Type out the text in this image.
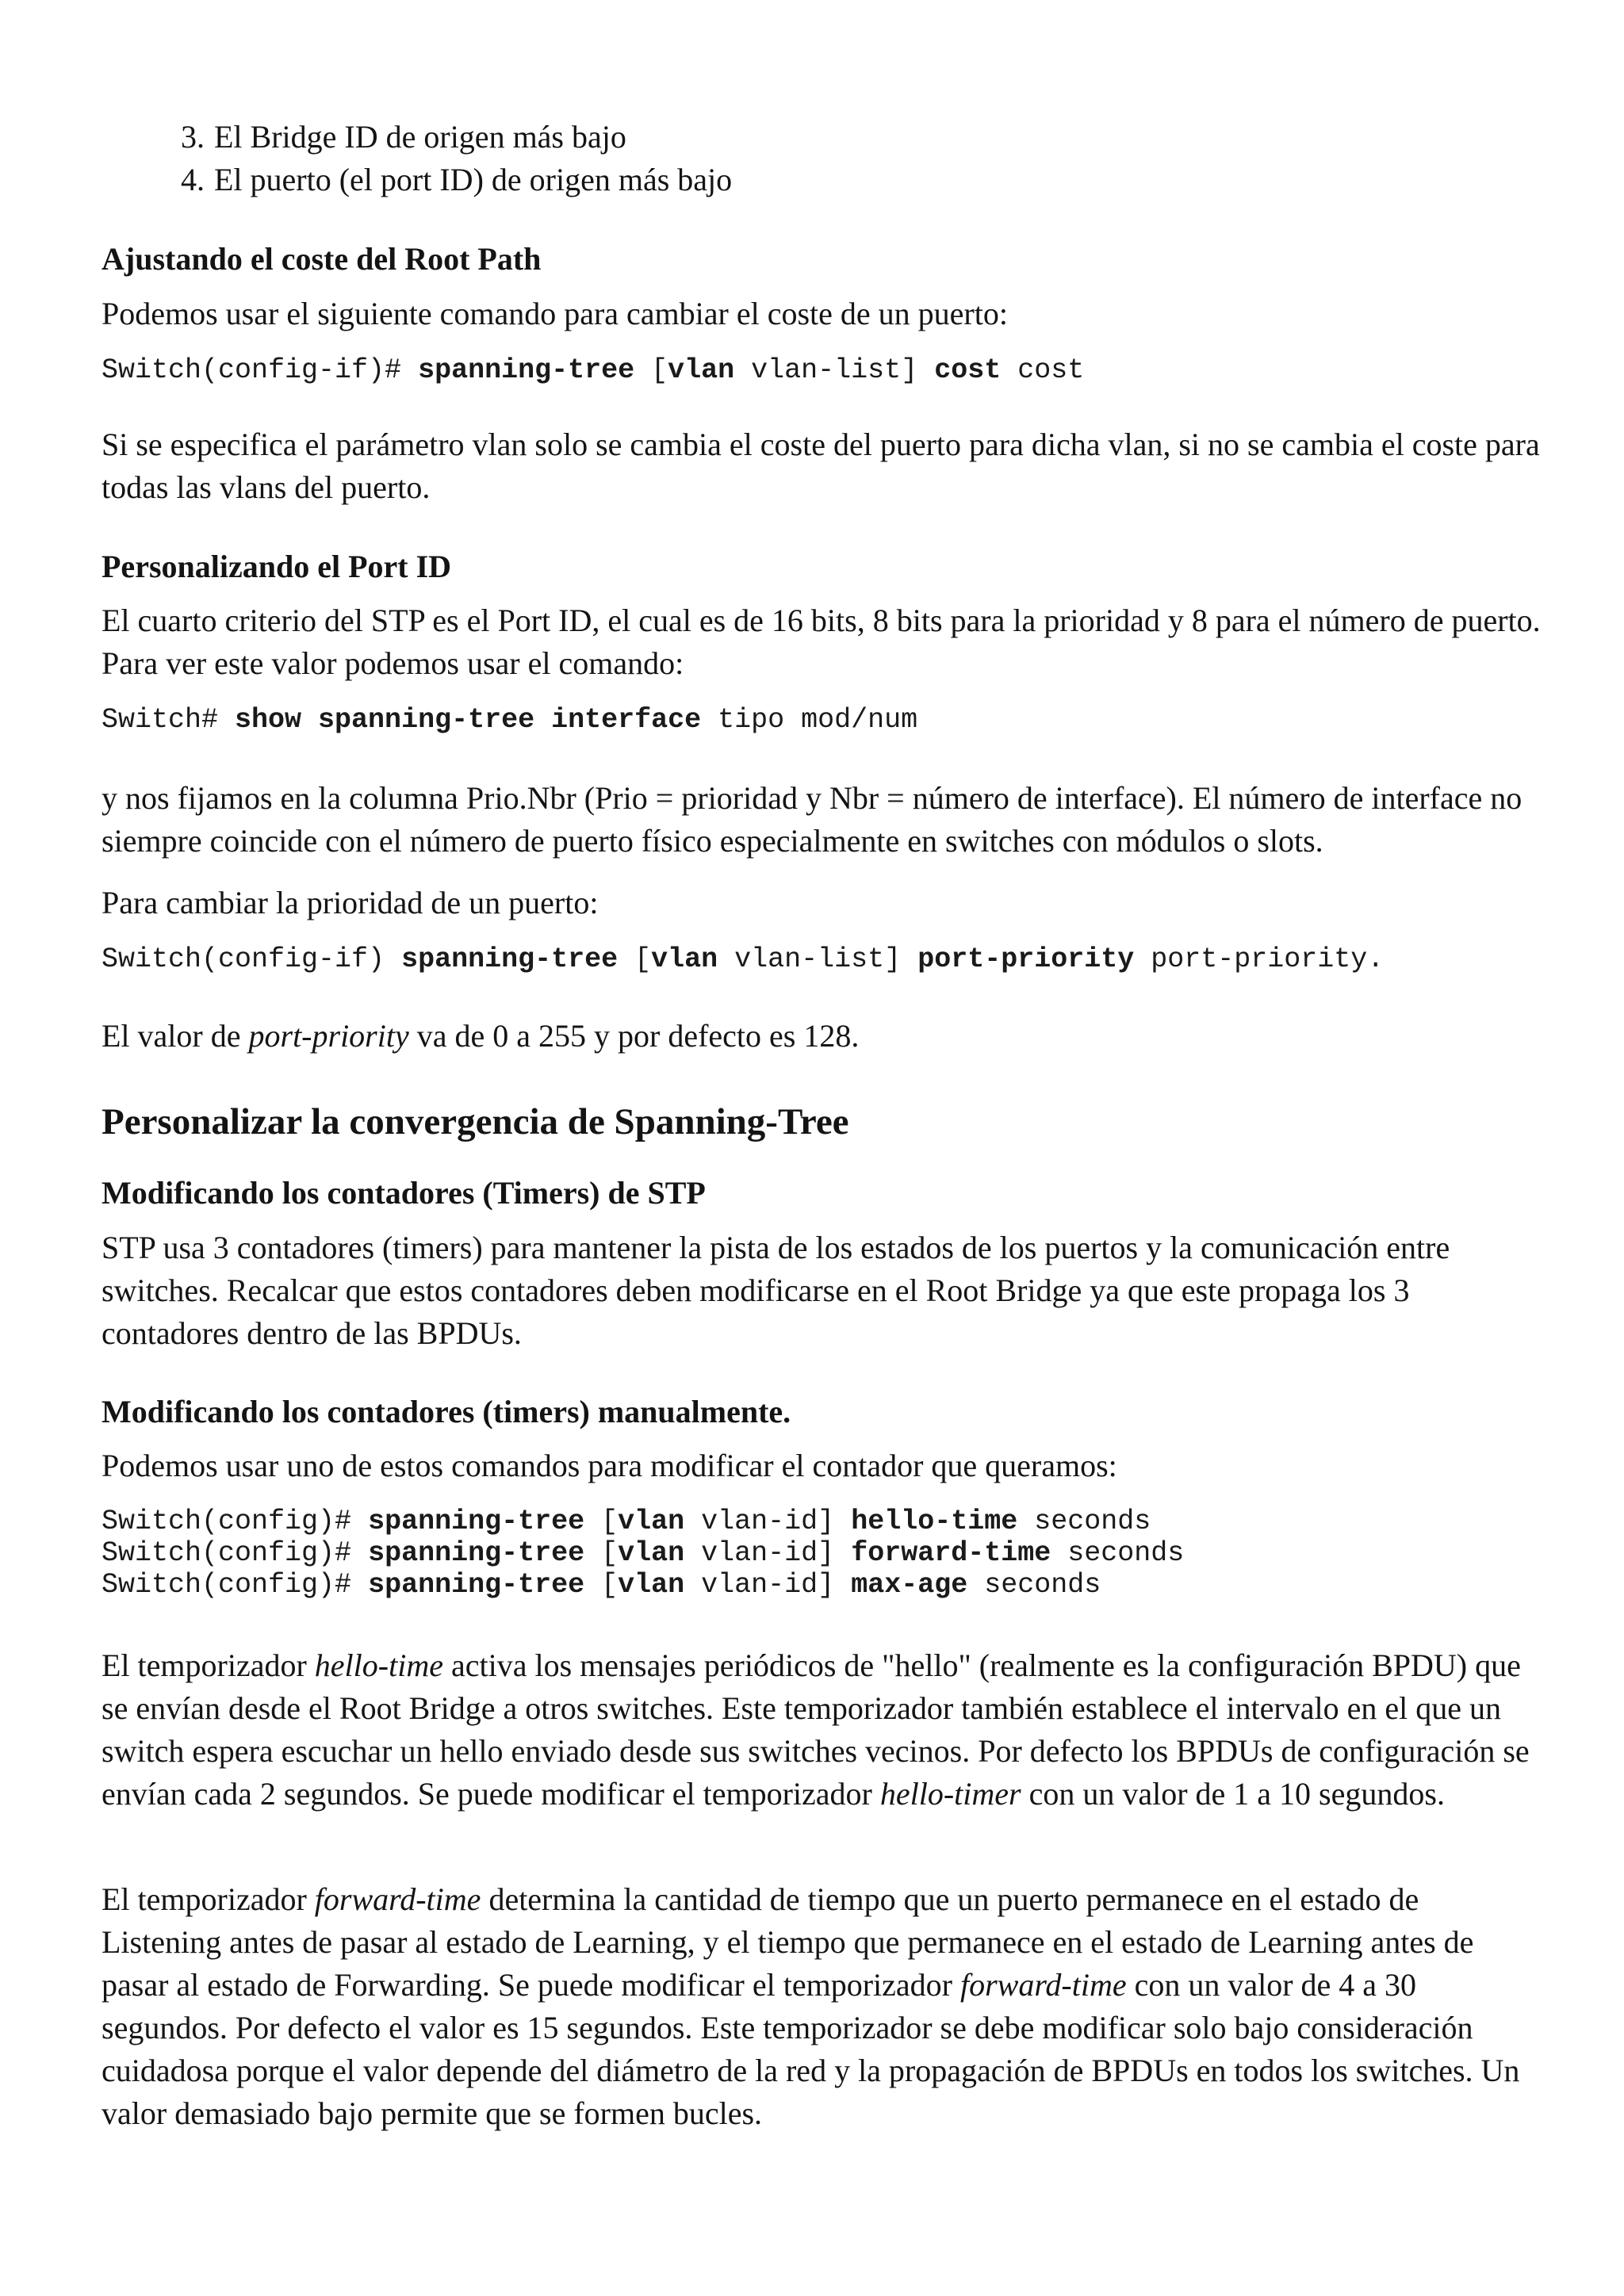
3. El Bridge ID de origen más bajo
4. El puerto (el port ID) de origen más bajo
Ajustando el coste del Root Path

Podemos usar el siguiente comando para cambiar el coste de un puerto:

Switch(config-if)# spanning-tree [vlan vlan-list] cost cost

Si se especifica el parámetro vlan solo se cambia el coste del puerto para dicha vlan, si no se cambia el coste para todas las vlans del puerto.

Personalizando el Port ID

El cuarto criterio del STP es el Port ID, el cual es de 16 bits, 8 bits para la prioridad y 8 para el número de puerto. Para ver este valor podemos usar el comando:

Switch# show spanning-tree interface tipo mod/num

y nos fijamos en la columna Prio.Nbr (Prio = prioridad y Nbr = número de interface). El número de interface no siempre coincide con el número de puerto físico especialmente en switches con módulos o slots.

Para cambiar la prioridad de un puerto:

Switch(config-if) spanning-tree [vlan vlan-list] port-priority port-priority.

El valor de port-priority va de 0 a 255 y por defecto es 128.

Personalizar la convergencia de Spanning-Tree
Modificando los contadores (Timers) de STP

STP usa 3 contadores (timers) para mantener la pista de los estados de los puertos y la comunicación entre switches. Recalcar que estos contadores deben modificarse en el Root Bridge ya que este propaga los 3 contadores dentro de las BPDUs.

Modificando los contadores (timers) manualmente.

Podemos usar uno de estos comandos para modificar el contador que queramos:

Switch(config)# spanning-tree [vlan vlan-id] hello-time seconds
Switch(config)# spanning-tree [vlan vlan-id] forward-time seconds
Switch(config)# spanning-tree [vlan vlan-id] max-age seconds

El temporizador hello-time activa los mensajes periódicos de "hello" (realmente es la configuración BPDU) que se envían desde el Root Bridge a otros switches. Este temporizador también establece el intervalo en el que un switch espera escuchar un hello enviado desde sus switches vecinos. Por defecto los BPDUs de configuración se envían cada 2 segundos. Se puede modificar el temporizador hello-timer con un valor de 1 a 10 segundos.

El temporizador forward-time determina la cantidad de tiempo que un puerto permanece en el estado de Listening antes de pasar al estado de Learning, y el tiempo que permanece en el estado de Learning antes de pasar al estado de Forwarding. Se puede modificar el temporizador forward-time con un valor de 4 a 30 segundos. Por defecto el valor es 15 segundos. Este temporizador se debe modificar solo bajo consideración cuidadosa porque el valor depende del diámetro de la red y la propagación de BPDUs en todos los switches. Un valor demasiado bajo permite que se formen bucles.
